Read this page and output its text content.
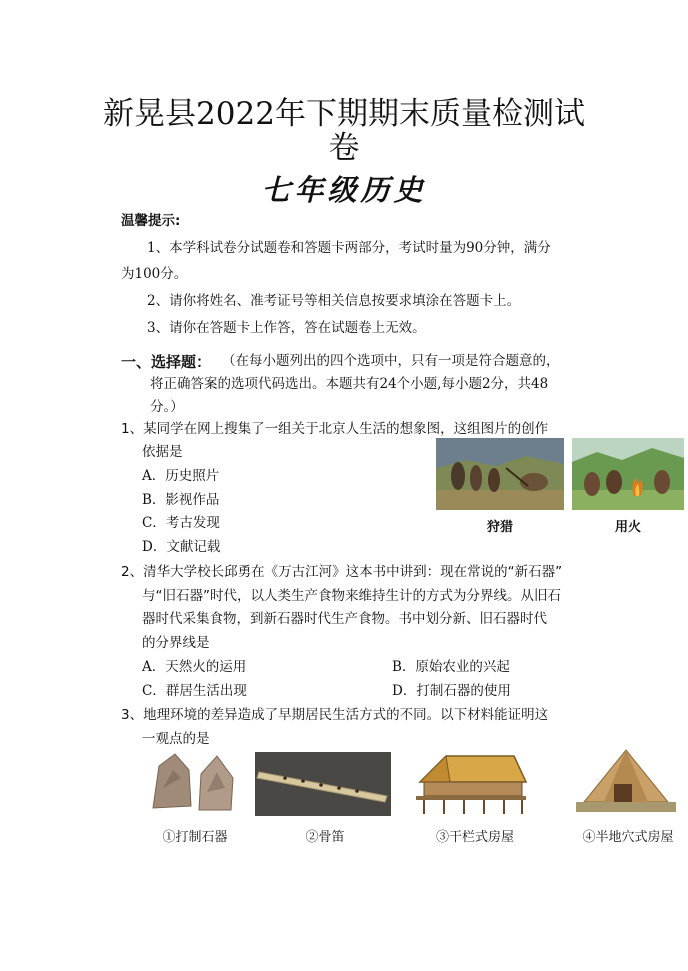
新晃县2022年下期期末质量检测试
卷
七年级历史
温馨提示:
1、本学科试卷分试题卷和答题卡两部分，考试时量为90分钟，满分
为100分。
2、请你将姓名、准考证号等相关信息按要求填涂在答题卡上。
3、请你在答题卡上作答，答在试题卷上无效。
一、选择题： （在每小题列出的四个选项中，只有一项是符合题意的，
将正确答案的选项代码选出。本题共有24个小题,每小题2分，共48
分。）
1、某同学在网上搜集了一组关于北京人生活的想象图，这组图片的创作
依据是
A．历史照片
B．影视作品
C．考古发现
D．文献记载
狩猎	用火
2、清华大学校长邱勇在《万古江河》这本书中讲到：现在常说的“新石器”
与“旧石器”时代，以人类生产食物来维持生计的方式为分界线。从旧石
器时代采集食物，到新石器时代生产食物。书中划分新、旧石器时代
的分界线是
A．天然火的运用	B．原始农业的兴起
C．群居生活出现	D．打制石器的使用
3、地理环境的差异造成了早期居民生活方式的不同。以下材料能证明这
一观点的是
①打制石器	②骨笛	③干栏式房屋	④半地穴式房屋
